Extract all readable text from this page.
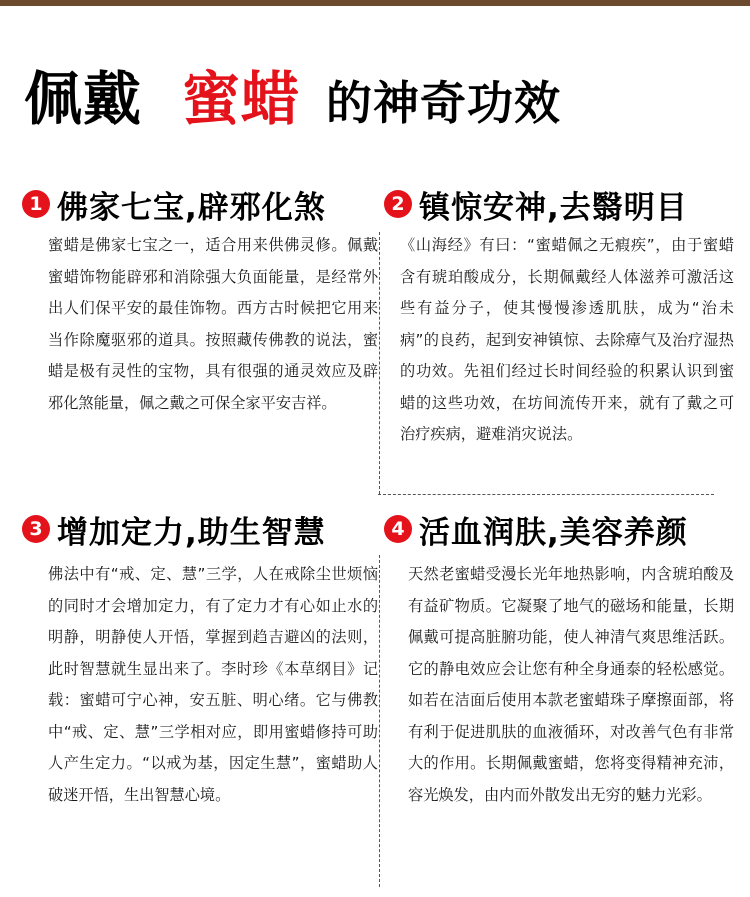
佩戴 蜜蜡 的神奇功效
1 佛家七宝,辟邪化煞
蜜蜡是佛家七宝之一，适合用来供佛灵修。佩戴蜜蜡饰物能辟邪和消除强大负面能量，是经常外出人们保平安的最佳饰物。西方古时候把它用来当作除魔驱邪的道具。按照藏传佛教的说法，蜜蜡是极有灵性的宝物，具有很强的通灵效应及辟邪化煞能量，佩之戴之可保全家平安吉祥。
2 镇惊安神,去翳明目
《山海经》有曰：“蜜蜡佩之无瘕疾”，由于蜜蜡含有琥珀酸成分，长期佩戴经人体滋养可激活这些有益分子，使其慢慢渗透肌肤，成为“治未病”的良药，起到安神镇惊、去除瘴气及治疗湿热的功效。先祖们经过长时间经验的积累认识到蜜蜡的这些功效，在坊间流传开来，就有了戴之可治疗疾病，避难消灾说法。
3 增加定力,助生智慧
佛法中有“戒、定、慧”三学，人在戒除尘世烦恼的同时才会增加定力，有了定力才有心如止水的明静，明静使人开悟，掌握到趋吉避凶的法则，此时智慧就生显出来了。李时珍《本草纲目》记载：蜜蜡可宁心神，安五脏、明心绪。它与佛教中“戒、定、慧”三学相对应，即用蜜蜡修持可助人产生定力。“以戒为基，因定生慧”，蜜蜡助人破迷开悟，生出智慧心境。
4 活血润肤,美容养颜
天然老蜜蜡受漫长光年地热影响，内含琥珀酸及有益矿物质。它凝聚了地气的磁场和能量，长期佩戴可提高脏腑功能，使人神清气爽思维活跃。它的静电效应会让您有种全身通泰的轻松感觉。如若在洁面后使用本款老蜜蜡珠子摩擦面部，将有利于促进肌肤的血液循环，对改善气色有非常大的作用。长期佩戴蜜蜡，您将变得精神充沛，容光焕发，由内而外散发出无穷的魅力光彩。
